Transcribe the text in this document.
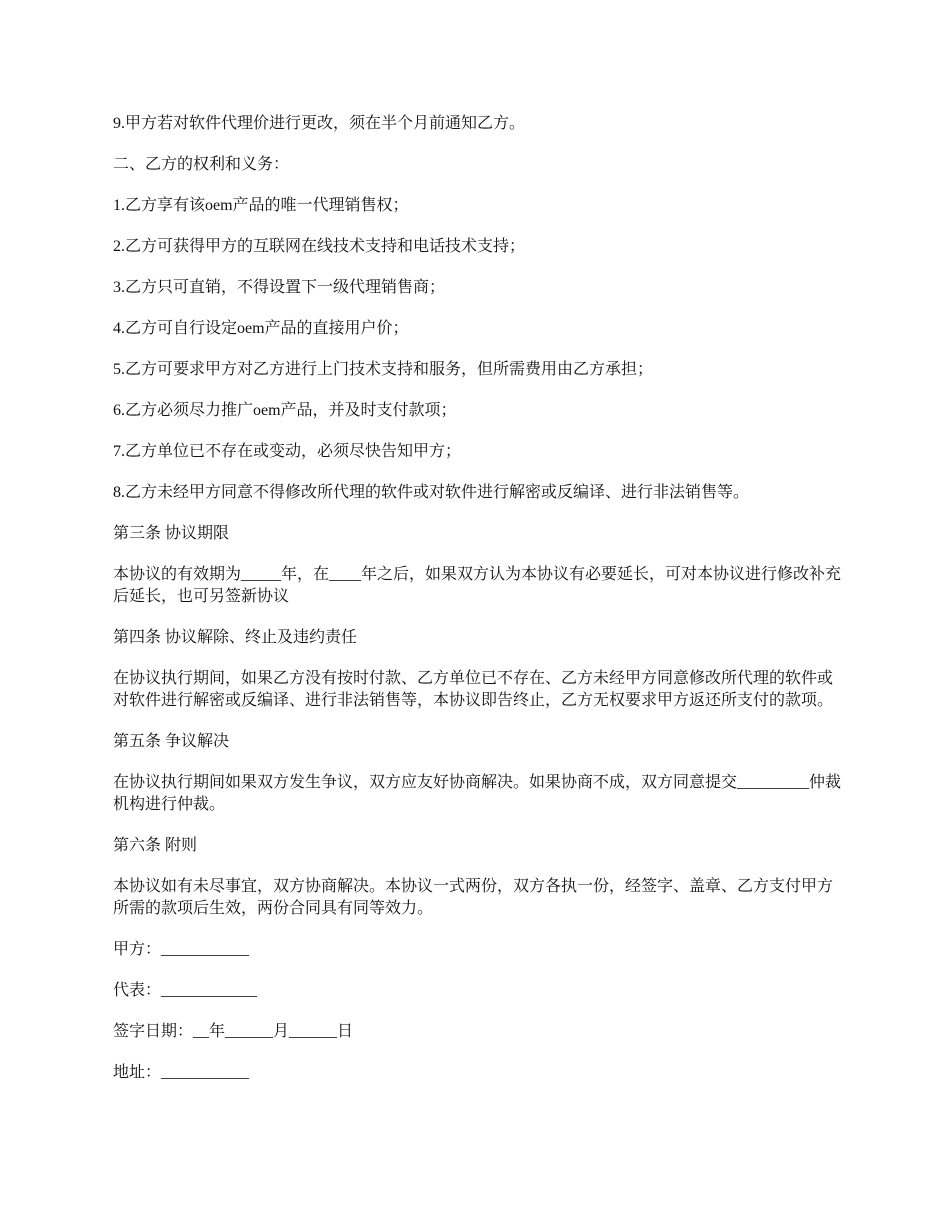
9.甲方若对软件代理价进行更改，须在半个月前通知乙方。

二、乙方的权利和义务：

1.乙方享有该oem产品的唯一代理销售权；

2.乙方可获得甲方的互联网在线技术支持和电话技术支持；

3.乙方只可直销，不得设置下一级代理销售商；

4.乙方可自行设定oem产品的直接用户价；

5.乙方可要求甲方对乙方进行上门技术支持和服务，但所需费用由乙方承担；

6.乙方必须尽力推广oem产品，并及时支付款项；

7.乙方单位已不存在或变动，必须尽快告知甲方；

8.乙方未经甲方同意不得修改所代理的软件或对软件进行解密或反编译、进行非法销售等。

第三条 协议期限

本协议的有效期为_____年，在____年之后，如果双方认为本协议有必要延长，可对本协议进行修改补充后延长，也可另签新协议

第四条 协议解除、终止及违约责任

在协议执行期间，如果乙方没有按时付款、乙方单位已不存在、乙方未经甲方同意修改所代理的软件或对软件进行解密或反编译、进行非法销售等，本协议即告终止，乙方无权要求甲方返还所支付的款项。

第五条 争议解决

在协议执行期间如果双方发生争议，双方应友好协商解决。如果协商不成，双方同意提交_________仲裁机构进行仲裁。

第六条 附则

本协议如有未尽事宜，双方协商解决。本协议一式两份，双方各执一份，经签字、盖章、乙方支付甲方所需的款项后生效，两份合同具有同等效力。

甲方：___________

代表：____________

签字日期：__年______月______日

地址：___________
